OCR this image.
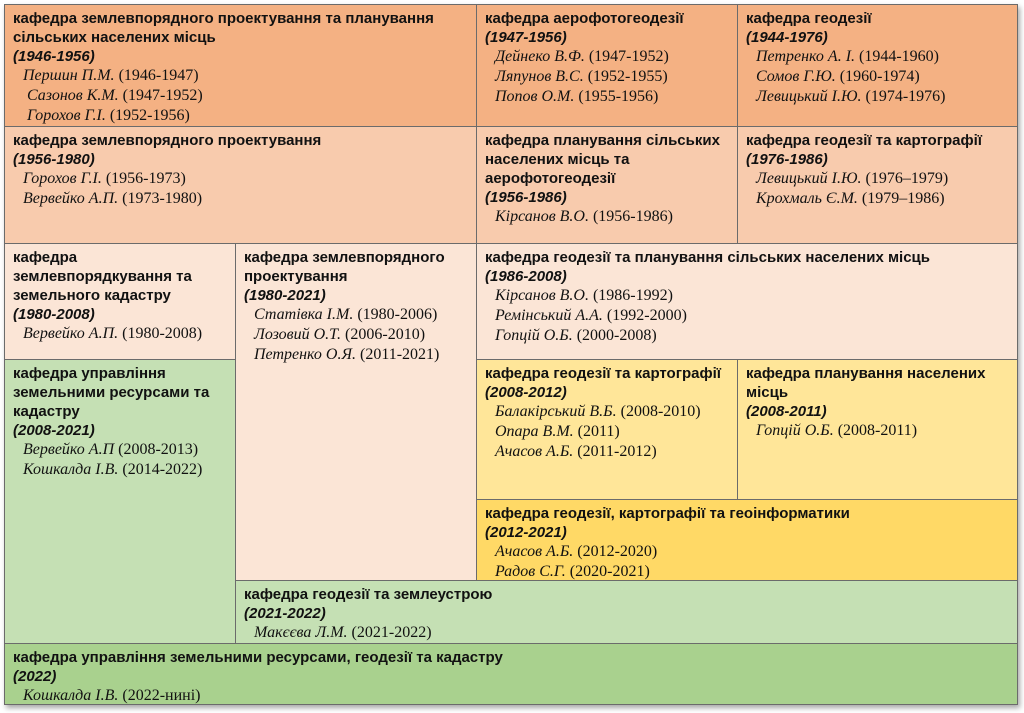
кафедра землевпорядного проектування та планування сільських населених місць
(1946-1956)
Першин П.М. (1946-1947)
Сазонов К.М. (1947-1952)
Горохов Г.І. (1952-1956)
кафедра аерофотогеодезії
(1947-1956)
Дейнеко В.Ф. (1947-1952)
Ляпунов В.С. (1952-1955)
Попов О.М. (1955-1956)
кафедра геодезії
(1944-1976)
Петренко А. І. (1944-1960)
Сомов Г.Ю. (1960-1974)
Левицький І.Ю. (1974-1976)
кафедра землевпорядного проектування
(1956-1980)
Горохов Г.І. (1956-1973)
Вервейко А.П. (1973-1980)
кафедра планування сільських населених місць та аерофотогеодезії
(1956-1986)
Кірсанов В.О. (1956-1986)
кафедра геодезії та картографії
(1976-1986)
Левицький І.Ю. (1976–1979)
Крохмаль Є.М. (1979–1986)
кафедра землевпорядкування та земельного кадастру
(1980-2008)
Вервейко А.П. (1980-2008)
кафедра землевпорядного проектування
(1980-2021)
Статівка І.М. (1980-2006)
Лозовий О.Т. (2006-2010)
Петренко О.Я. (2011-2021)
кафедра геодезії та планування сільських населених місць
(1986-2008)
Кірсанов В.О. (1986-1992)
Ремінський А.А. (1992-2000)
Гопцій О.Б. (2000-2008)
кафедра управління земельними ресурсами та кадастру
(2008-2021)
Вервейко А.П (2008-2013)
Кошкалда І.В. (2014-2022)
кафедра геодезії та картографії
(2008-2012)
Балакірський В.Б. (2008-2010)
Опара В.М. (2011)
Ачасов А.Б. (2011-2012)
кафедра планування населених місць
(2008-2011)
Гопцій О.Б. (2008-2011)
кафедра геодезії, картографії та геоінформатики
(2012-2021)
Ачасов А.Б. (2012-2020)
Радов С.Г. (2020-2021)
кафедра геодезії та землеустрою
(2021-2022)
Макєєва Л.М. (2021-2022)
кафедра управління земельними ресурсами, геодезії та кадастру
(2022)
Кошкалда І.В. (2022-нині)
